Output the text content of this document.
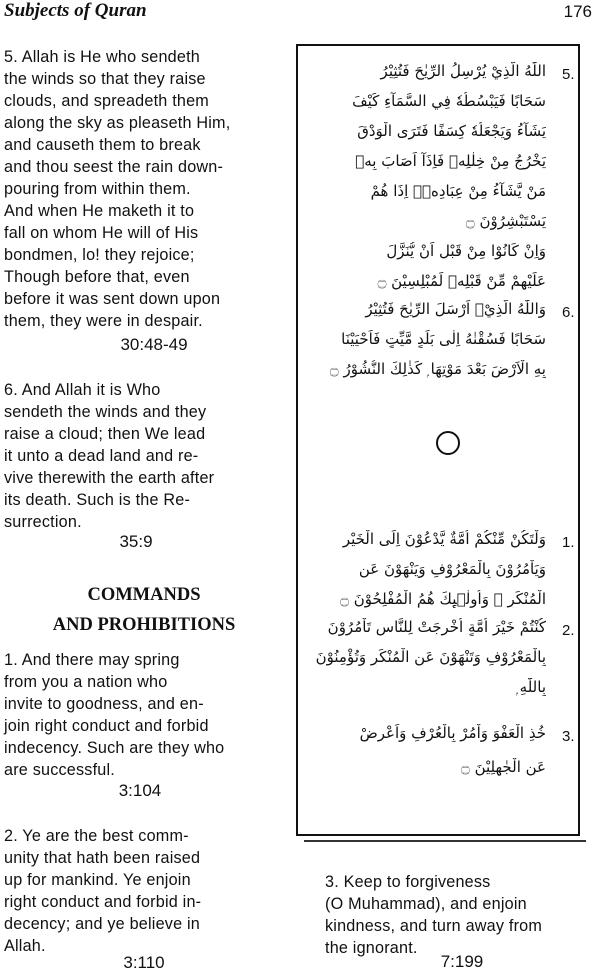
Subjects of Quran	176
5. Allah is He who sendeth
the winds so that they raise
clouds, and spreadeth them
along the sky as pleaseth Him,
and causeth them to break
and thou seest the rain down-
pouring from within them.
And when He maketh it to
fall on whom He will of His
bondmen, lo! they rejoice;
Though before that, even
before it was sent down upon
them, they were in despair.
30:48-49
6. And Allah it is Who
sendeth the winds and they
raise a cloud; then We lead
it unto a dead land and re-
vive therewith the earth after
its death. Such is the Re-
surrection.
35:9
COMMANDS
AND PROHIBITIONS
1. And there may spring
from you a nation who
invite to goodness, and en-
join right conduct and forbid
indecency. Such are they who
are successful.
3:104
2. Ye are the best comm-
unity that hath been raised
up for mankind. Ye enjoin
right conduct and forbid in-
decency; and ye believe in
Allah.
3:110
5.
اللّٰهُ الَّذِيْ يُرْسِلُ الرِّيٰحَ فَتُثِيْرُ
سَحَابًا فَيَبْسُطُهٗ فِي السَّمَآءِ كَيْفَ
يَشَآءُ وَيَجْعَلُهٗ كِسَفًا فَتَرَى الْوَدْقَ
يَخْرُجُ مِنْ خِلٰلِهٖ فَاِذَآ اَصَابَ بِهٖ
مَنْ يَّشَآءُ مِنْ عِبَادِهٖۤ اِذَا هُمْ
يَسْتَبْشِرُوْنَ ۝
وَاِنْ كَانُوْا مِنْ قَبْلِ اَنْ يُّنَزَّلَ
عَلَيْهِمْ مِّنْ قَبْلِهٖ لَمُبْلِسِيْنَ ۝
6.
وَاللّٰهُ الَّذِيْۤ اَرْسَلَ الرِّيٰحَ فَتُثِيْرُ
سَحَابًا فَسُقْنٰهُ اِلٰى بَلَدٍ مَّيِّتٍ فَاَحْيَيْنَا
بِهِ الْاَرْضَ بَعْدَ مَوْتِهَا ۭ كَذٰلِكَ النُّشُوْرُ ۝
1.
وَلْتَكُنْ مِّنْكُمْ اُمَّةٌ يَّدْعُوْنَ اِلَى الْخَيْرِ
وَيَاْمُرُوْنَ بِالْمَعْرُوْفِ وَيَنْهَوْنَ عَنِ
الْمُنْكَرِ ۭ وَاُولٰۗىِٕكَ هُمُ الْمُفْلِحُوْنَ ۝
2.
كُنْتُمْ خَيْرَ اُمَّةٍ اُخْرِجَتْ لِلنَّاسِ تَاْمُرُوْنَ
بِالْمَعْرُوْفِ وَتَنْهَوْنَ عَنِ الْمُنْكَرِ وَتُؤْمِنُوْنَ
بِاللّٰهِ ۭ
3.
خُذِ الْعَفْوَ وَاْمُرْ بِالْعُرْفِ وَاَعْرِضْ
عَنِ الْجٰهِلِيْنَ ۝
3. Keep to forgiveness
(O Muhammad), and enjoin
kindness, and turn away from
the ignorant.
7:199
